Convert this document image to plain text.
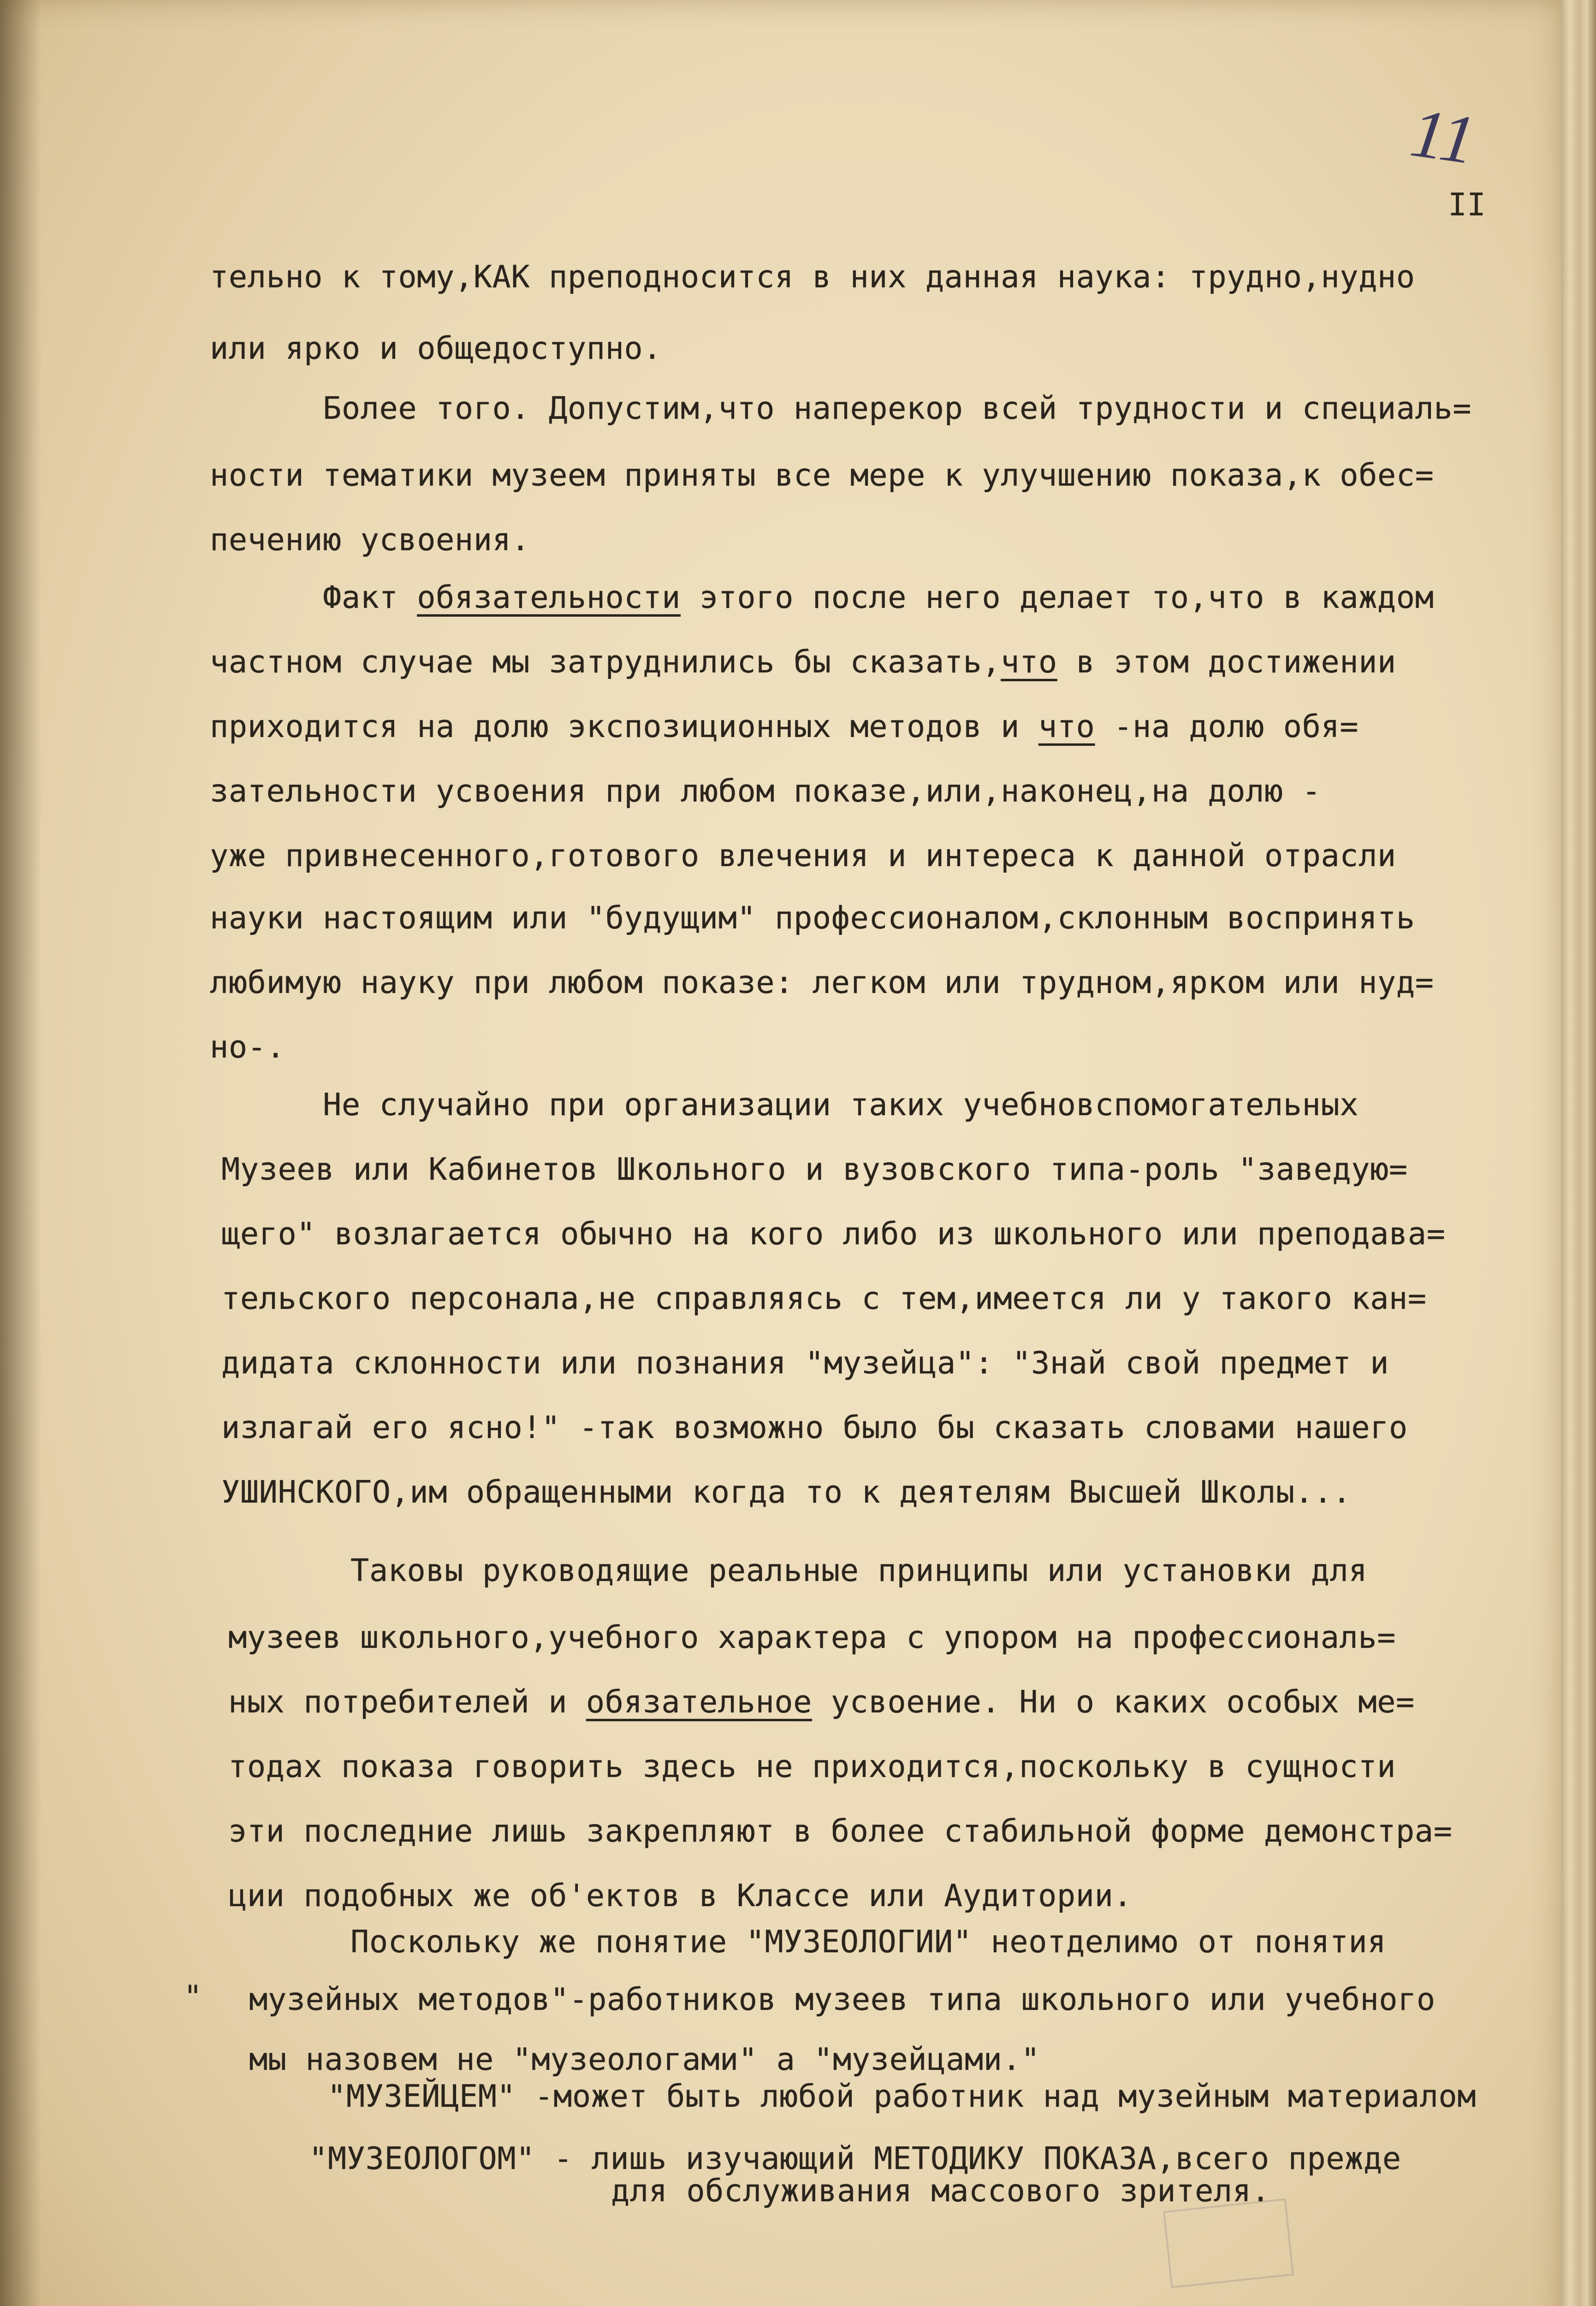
11
II
тельно к тому,КАК преподносится в них данная наука: трудно,нудно
или ярко и общедоступно.
Более того. Допустим,что наперекор всей трудности и специаль=
ности тематики музеем приняты все мере к улучшению показа,к обес=
печению усвоения.
Факт обязательности этого после него делает то,что в каждом
частном случае мы затруднились бы сказать,что в этом достижении
приходится на долю экспозиционных методов и что -на долю обя=
зательности усвоения при любом показе,или,наконец,на долю -
уже привнесенного,готового влечения и интереса к данной отрасли
науки настоящим или "будущим" профессионалом,склонным воспринять
любимую науку при любом показе: легком или трудном,ярком или нуд=
но-.
Не случайно при организации таких учебновспомогательных
Музеев или Кабинетов Школьного и вузовского типа-роль "заведую=
щего" возлагается обычно на кого либо из школьного или преподава=
тельского персонала,не справляясь с тем,имеется ли у такого кан=
дидата склонности или познания "музейца": "Знай свой предмет и
излагай его ясно!" -так возможно было бы сказать словами нашего
УШИНСКОГО,им обращенными когда то к деятелям Высшей Школы...
Таковы руководящие реальные принципы или установки для
музеев школьного,учебного характера с упором на профессиональ=
ных потребителей и обязательное усвоение. Ни о каких особых ме=
тодах показа говорить здесь не приходится,поскольку в сущности
эти последние лишь закрепляют в более стабильной форме демонстра=
ции подобных же об'ектов в Классе или Аудитории.
Поскольку же понятие "МУЗЕОЛОГИИ" неотделимо от понятия
музейных методов"-работников музеев типа школьного или учебного
мы назовем не "музеологами" а "музейцами."
"МУЗЕЙЦЕМ" -может быть любой работник над музейным материалом
"МУЗЕОЛОГОМ" - лишь изучающий МЕТОДИКУ ПОКАЗА,всего прежде
для обслуживания массового зрителя.
"
